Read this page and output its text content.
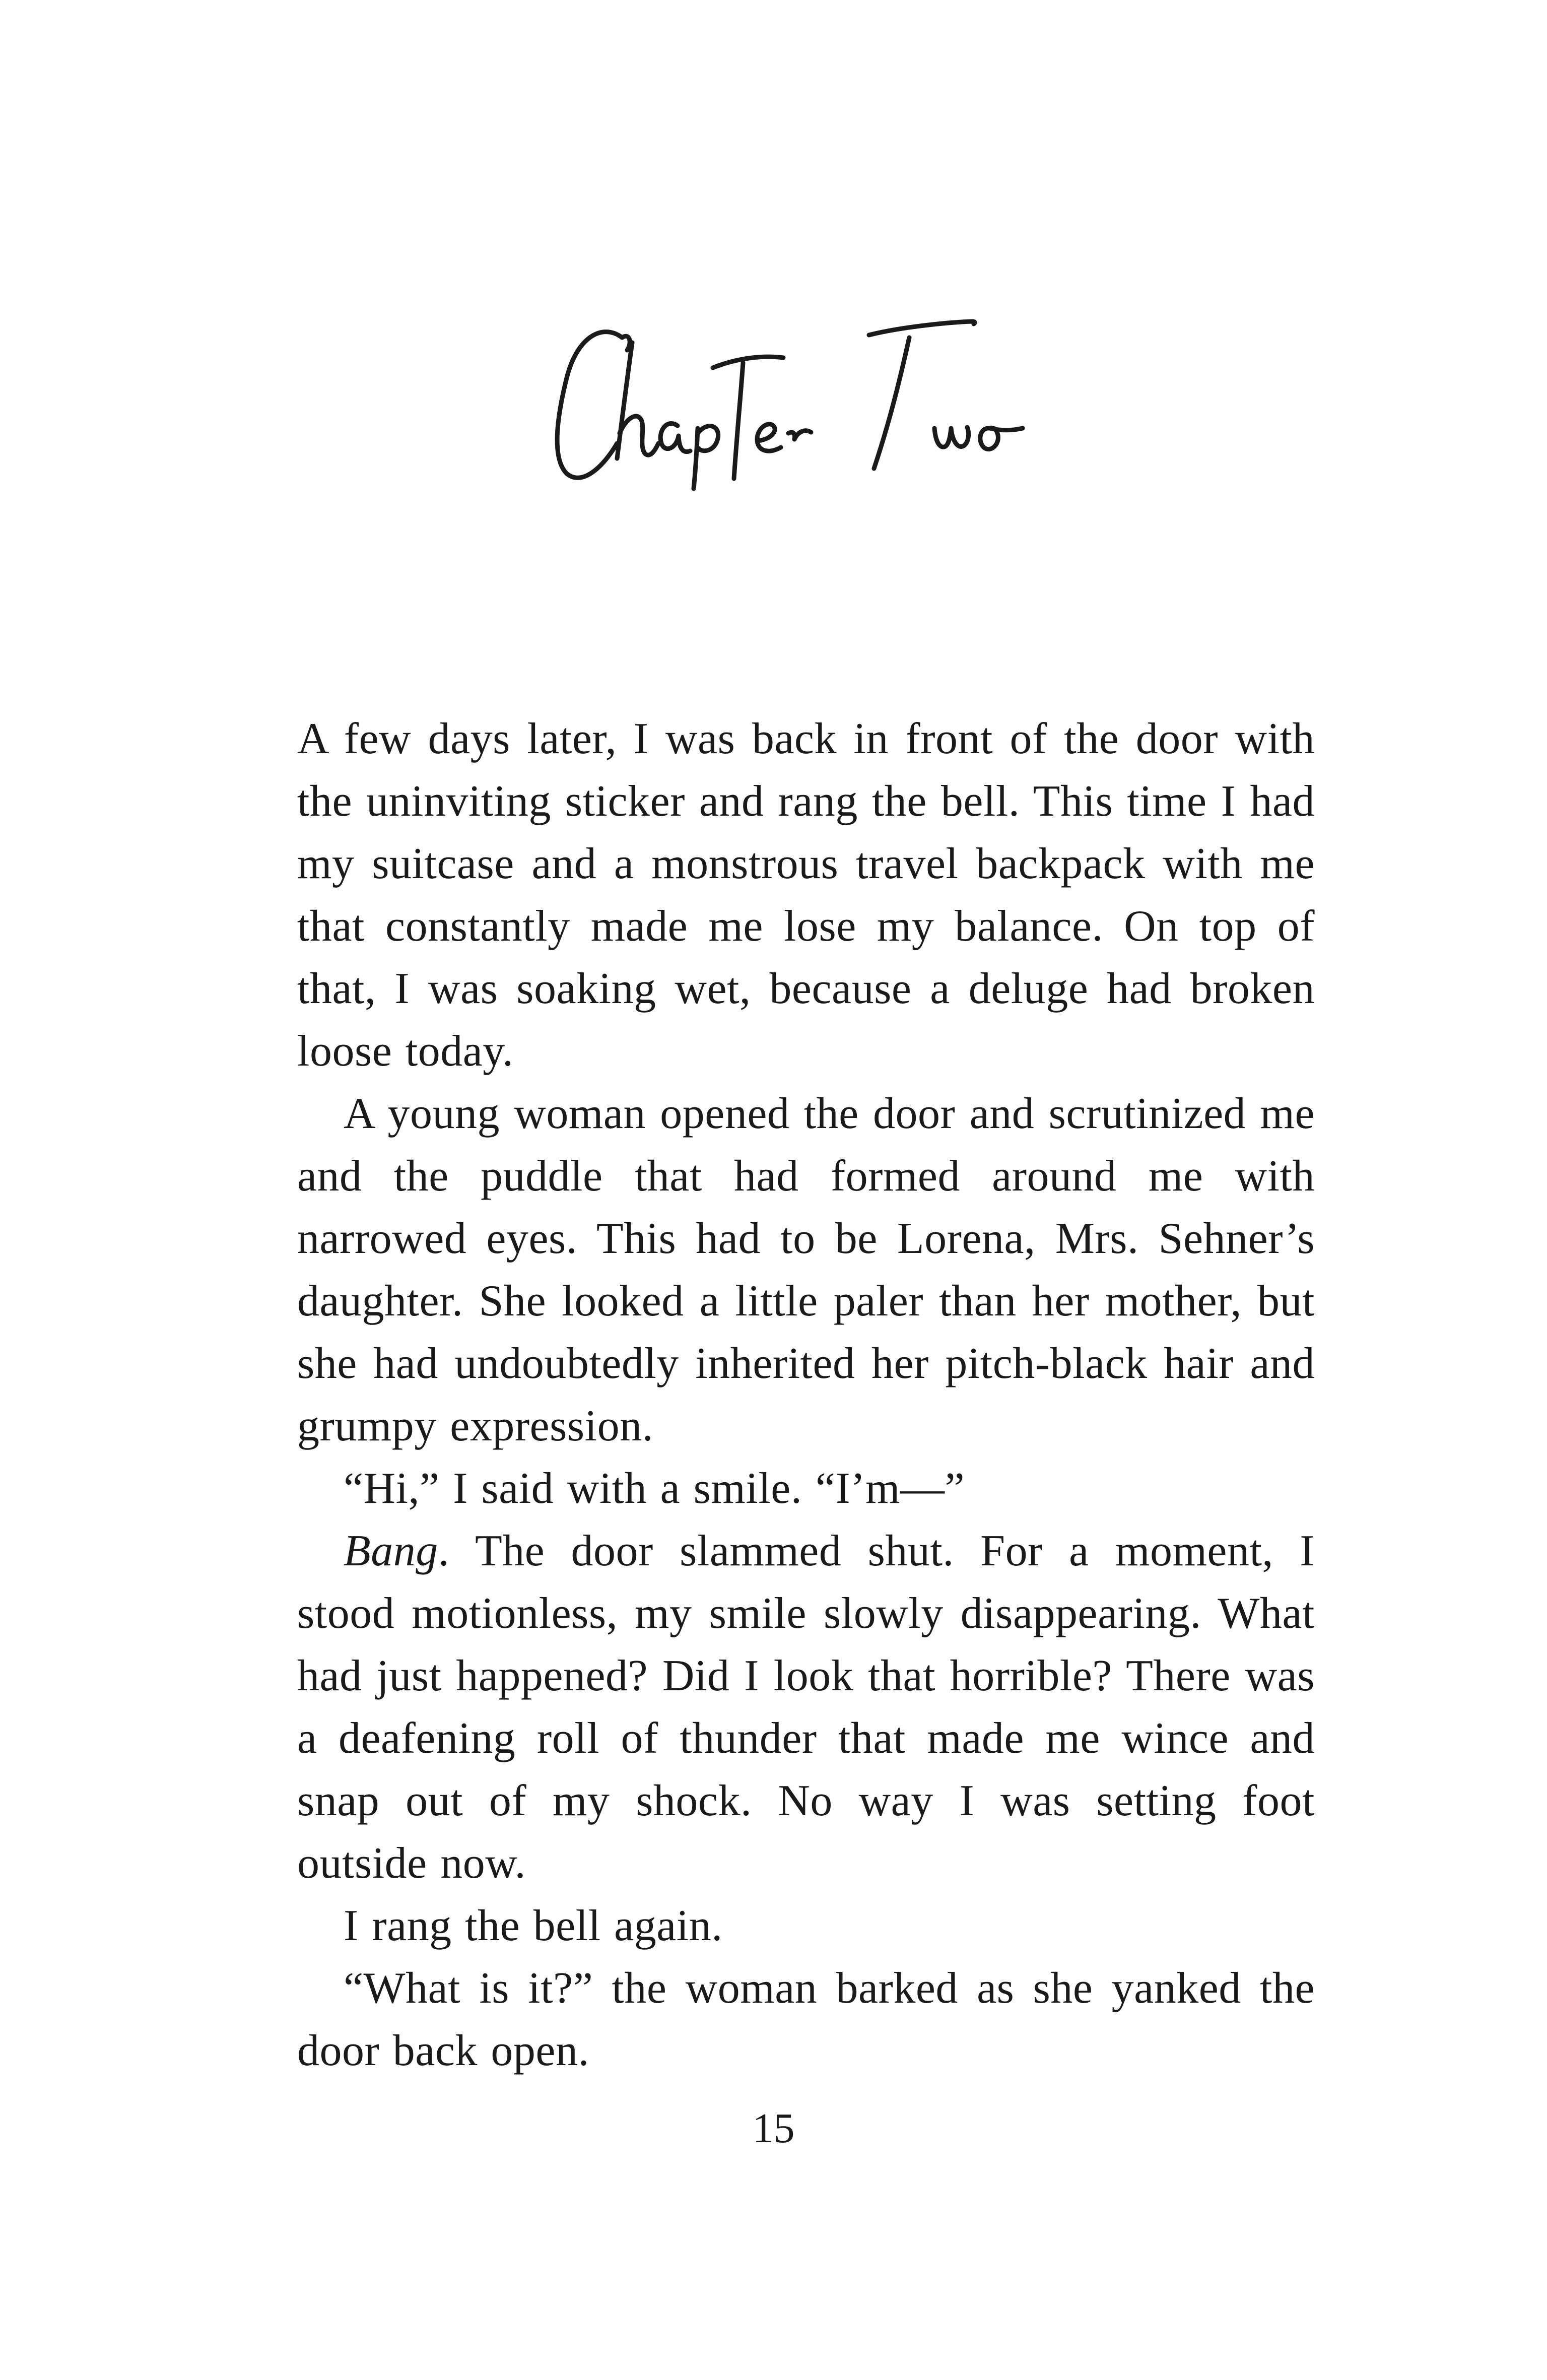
A few days later, I was back in front of the door with the uninviting sticker and rang the bell. This time I had my suitcase and a monstrous travel backpack with me that constantly made me lose my balance. On top of that, I was soaking wet, because a deluge had broken loose today.

A young woman opened the door and scrutinized me and the puddle that had formed around me with narrowed eyes. This had to be Lorena, Mrs. Sehner’s daughter. She looked a little paler than her mother, but she had undoubtedly inherited her pitch-black hair and grumpy expression.

“Hi,” I said with a smile. “I’m—”

Bang. The door slammed shut. For a moment, I stood motionless, my smile slowly disappearing. What had just happened? Did I look that horrible? There was a deafening roll of thunder that made me wince and snap out of my shock. No way I was setting foot outside now.

I rang the bell again.

“What is it?” the woman barked as she yanked the door back open.

15
